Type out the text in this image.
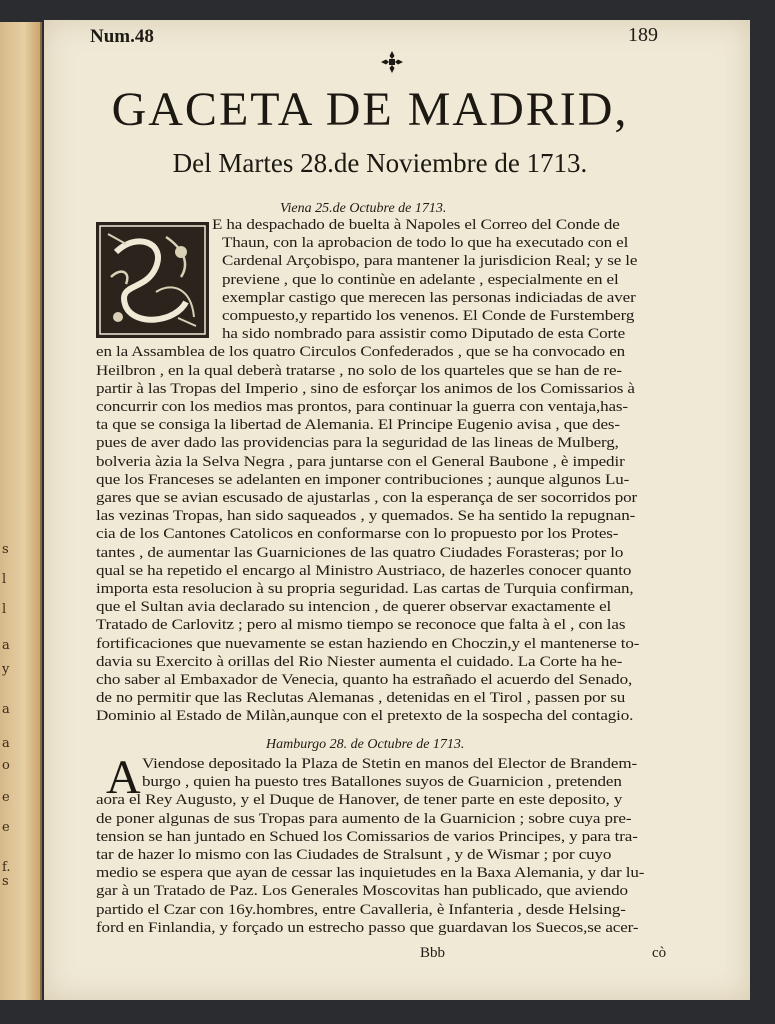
s
l
l
a
y
a
a
o
e
e
f.
s
Num.48	189
GACETA DE MADRID,
Del Martes 28.de Noviembre de 1713.
Viena 25.de Octubre de 1713.
E ha despachado de buelta à Napoles el Correo del Conde de
Thaun, con la aprobacion de todo lo que ha executado con el
Cardenal Arçobispo, para mantener la jurisdicion Real; y se le
previene , que lo continùe en adelante , especialmente en el
exemplar castigo que merecen las personas indiciadas de aver
compuesto,y repartido los venenos. El Conde de Furstemberg
ha sido nombrado para assistir como Diputado de esta Corte
en la Assamblea de los quatro Circulos Confederados , que se ha convocado en
Heilbron , en la qual deberà tratarse , no solo de los quarteles que se han de re-
partir à las Tropas del Imperio , sino de esforçar los animos de los Comissarios à
concurrir con los medios mas prontos, para continuar la guerra con ventaja,has-
ta que se consiga la libertad de Alemania. El Principe Eugenio avisa , que des-
pues de aver dado las providencias para la seguridad de las lineas de Mulberg,
bolveria àzia la Selva Negra , para juntarse con el General Baubone , è impedir
que los Franceses se adelanten en imponer contribuciones ; aunque algunos Lu-
gares que se avian escusado de ajustarlas , con la esperança de ser socorridos por
las vezinas Tropas, han sido saqueados , y quemados. Se ha sentido la repugnan-
cia de los Cantones Catolicos en conformarse con lo propuesto por los Protes-
tantes , de aumentar las Guarniciones de las quatro Ciudades Forasteras; por lo
qual se ha repetido el encargo al Ministro Austriaco, de hazerles conocer quanto
importa esta resolucion à su propria seguridad. Las cartas de Turquia confirman,
que el Sultan avia declarado su intencion , de querer observar exactamente el
Tratado de Carlovitz ; pero al mismo tiempo se reconoce que falta à el , con las
fortificaciones que nuevamente se estan haziendo en Choczin,y el mantenerse to-
davia su Exercito à orillas del Rio Niester aumenta el cuidado. La Corte ha he-
cho saber al Embaxador de Venecia, quanto ha estrañado el acuerdo del Senado,
de no permitir que las Reclutas Alemanas , detenidas en el Tirol , passen por su
Dominio al Estado de Milàn,aunque con el pretexto de la sospecha del contagio.
Hamburgo 28. de Octubre de 1713.
A Viendose depositado la Plaza de Stetin en manos del Elector de Brandem-
burgo , quien ha puesto tres Batallones suyos de Guarnicion , pretenden
aora el Rey Augusto, y el Duque de Hanover, de tener parte en este deposito, y
de poner algunas de sus Tropas para aumento de la Guarnicion ; sobre cuya pre-
tension se han juntado en Schued los Comissarios de varios Principes, y para tra-
tar de hazer lo mismo con las Ciudades de Stralsunt , y de Wismar ; por cuyo
medio se espera que ayan de cessar las inquietudes en la Baxa Alemania, y dar lu-
gar à un Tratado de Paz. Los Generales Moscovitas han publicado, que aviendo
partido el Czar con 16y.hombres, entre Cavalleria, è Infanteria , desde Helsing-
ford en Finlandia, y forçado un estrecho passo que guardavan los Suecos,se acer-
Bbb	cò
